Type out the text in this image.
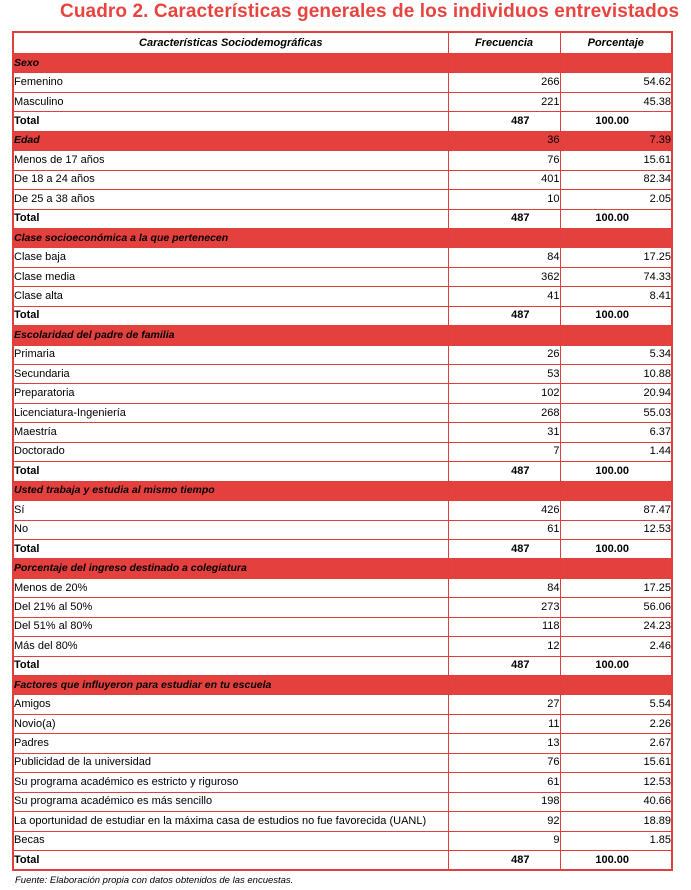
Cuadro 2. Características generales de los individuos entrevistados
Características Sociodemográficas	Frecuencia	Porcentaje
Sexo		
Femenino	266	54.62
Masculino	221	45.38
Total	487	100.00
Edad	36	7.39
Menos de 17 años	76	15.61
De 18 a 24 años	401	82.34
De 25 a 38 años	10	2.05
Total	487	100.00
Clase socioeconómica a la que pertenecen		
Clase baja	84	17.25
Clase media	362	74.33
Clase alta	41	8.41
Total	487	100.00
Escolaridad del padre de familia		
Primaria	26	5.34
Secundaria	53	10.88
Preparatoria	102	20.94
Licenciatura-Ingeniería	268	55.03
Maestría	31	6.37
Doctorado	7	1.44
Total	487	100.00
Usted trabaja y estudia al mismo tiempo		
Sí	426	87.47
No	61	12.53
Total	487	100.00
Porcentaje del ingreso destinado a colegiatura		
Menos de 20%	84	17.25
Del 21% al 50%	273	56.06
Del 51% al 80%	118	24.23
Más del 80%	12	2.46
Total	487	100.00
Factores que influyeron para estudiar en tu escuela		
Amigos	27	5.54
Novio(a)	11	2.26
Padres	13	2.67
Publicidad de la universidad	76	15.61
Su programa académico es estricto y riguroso	61	12.53
Su programa académico es más sencillo	198	40.66
La oportunidad de estudiar en la máxima casa de estudios no fue favorecida (UANL)	92	18.89
Becas	9	1.85
Total	487	100.00
Fuente: Elaboración propia con datos obtenidos de las encuestas.
